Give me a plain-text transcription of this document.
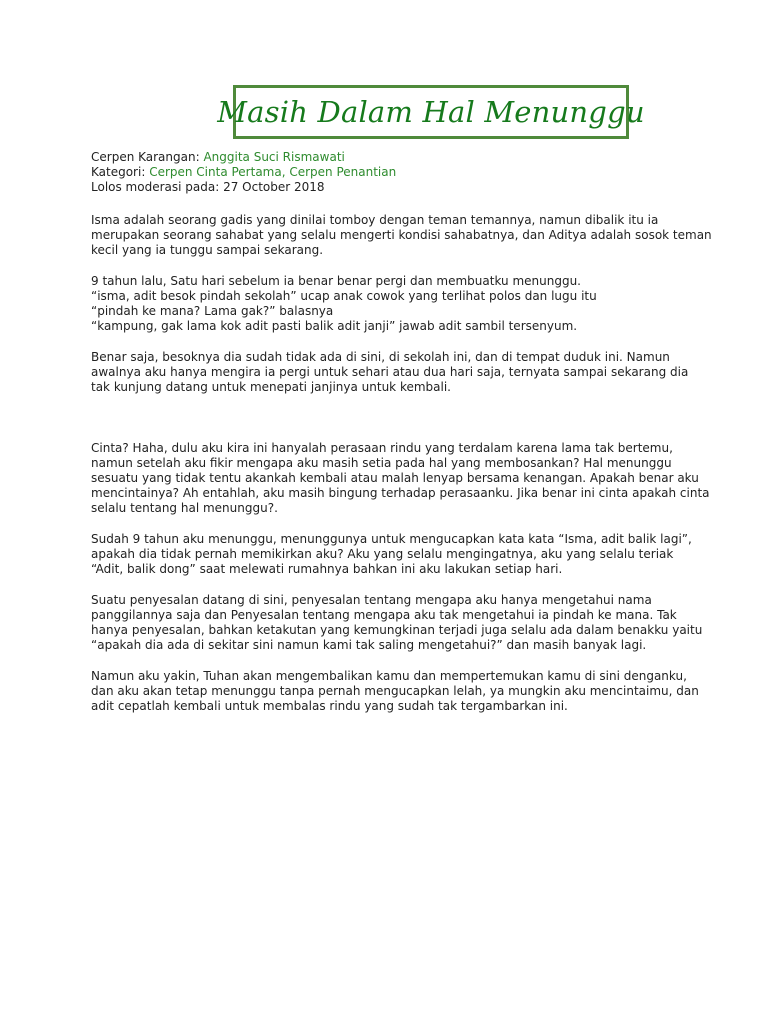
Masih Dalam Hal Menunggu
Cerpen Karangan: Anggita Suci Rismawati
Kategori: Cerpen Cinta Pertama, Cerpen Penantian
Lolos moderasi pada: 27 October 2018
Isma adalah seorang gadis yang dinilai tomboy dengan teman temannya, namun dibalik itu ia
merupakan seorang sahabat yang selalu mengerti kondisi sahabatnya, dan Aditya adalah sosok teman
kecil yang ia tunggu sampai sekarang.
9 tahun lalu, Satu hari sebelum ia benar benar pergi dan membuatku menunggu.
“isma, adit besok pindah sekolah” ucap anak cowok yang terlihat polos dan lugu itu
“pindah ke mana? Lama gak?” balasnya
“kampung, gak lama kok adit pasti balik adit janji” jawab adit sambil tersenyum.
Benar saja, besoknya dia sudah tidak ada di sini, di sekolah ini, dan di tempat duduk ini. Namun
awalnya aku hanya mengira ia pergi untuk sehari atau dua hari saja, ternyata sampai sekarang dia
tak kunjung datang untuk menepati janjinya untuk kembali.
Cinta? Haha, dulu aku kira ini hanyalah perasaan rindu yang terdalam karena lama tak bertemu,
namun setelah aku fikir mengapa aku masih setia pada hal yang membosankan? Hal menunggu
sesuatu yang tidak tentu akankah kembali atau malah lenyap bersama kenangan. Apakah benar aku
mencintainya? Ah entahlah, aku masih bingung terhadap perasaanku. Jika benar ini cinta apakah cinta
selalu tentang hal menunggu?.
Sudah 9 tahun aku menunggu, menunggunya untuk mengucapkan kata kata “Isma, adit balik lagi”,
apakah dia tidak pernah memikirkan aku? Aku yang selalu mengingatnya, aku yang selalu teriak
“Adit, balik dong” saat melewati rumahnya bahkan ini aku lakukan setiap hari.
Suatu penyesalan datang di sini, penyesalan tentang mengapa aku hanya mengetahui nama
panggilannya saja dan Penyesalan tentang mengapa aku tak mengetahui ia pindah ke mana. Tak
hanya penyesalan, bahkan ketakutan yang kemungkinan terjadi juga selalu ada dalam benakku yaitu
“apakah dia ada di sekitar sini namun kami tak saling mengetahui?” dan masih banyak lagi.
Namun aku yakin, Tuhan akan mengembalikan kamu dan mempertemukan kamu di sini denganku,
dan aku akan tetap menunggu tanpa pernah mengucapkan lelah, ya mungkin aku mencintaimu, dan
adit cepatlah kembali untuk membalas rindu yang sudah tak tergambarkan ini.
